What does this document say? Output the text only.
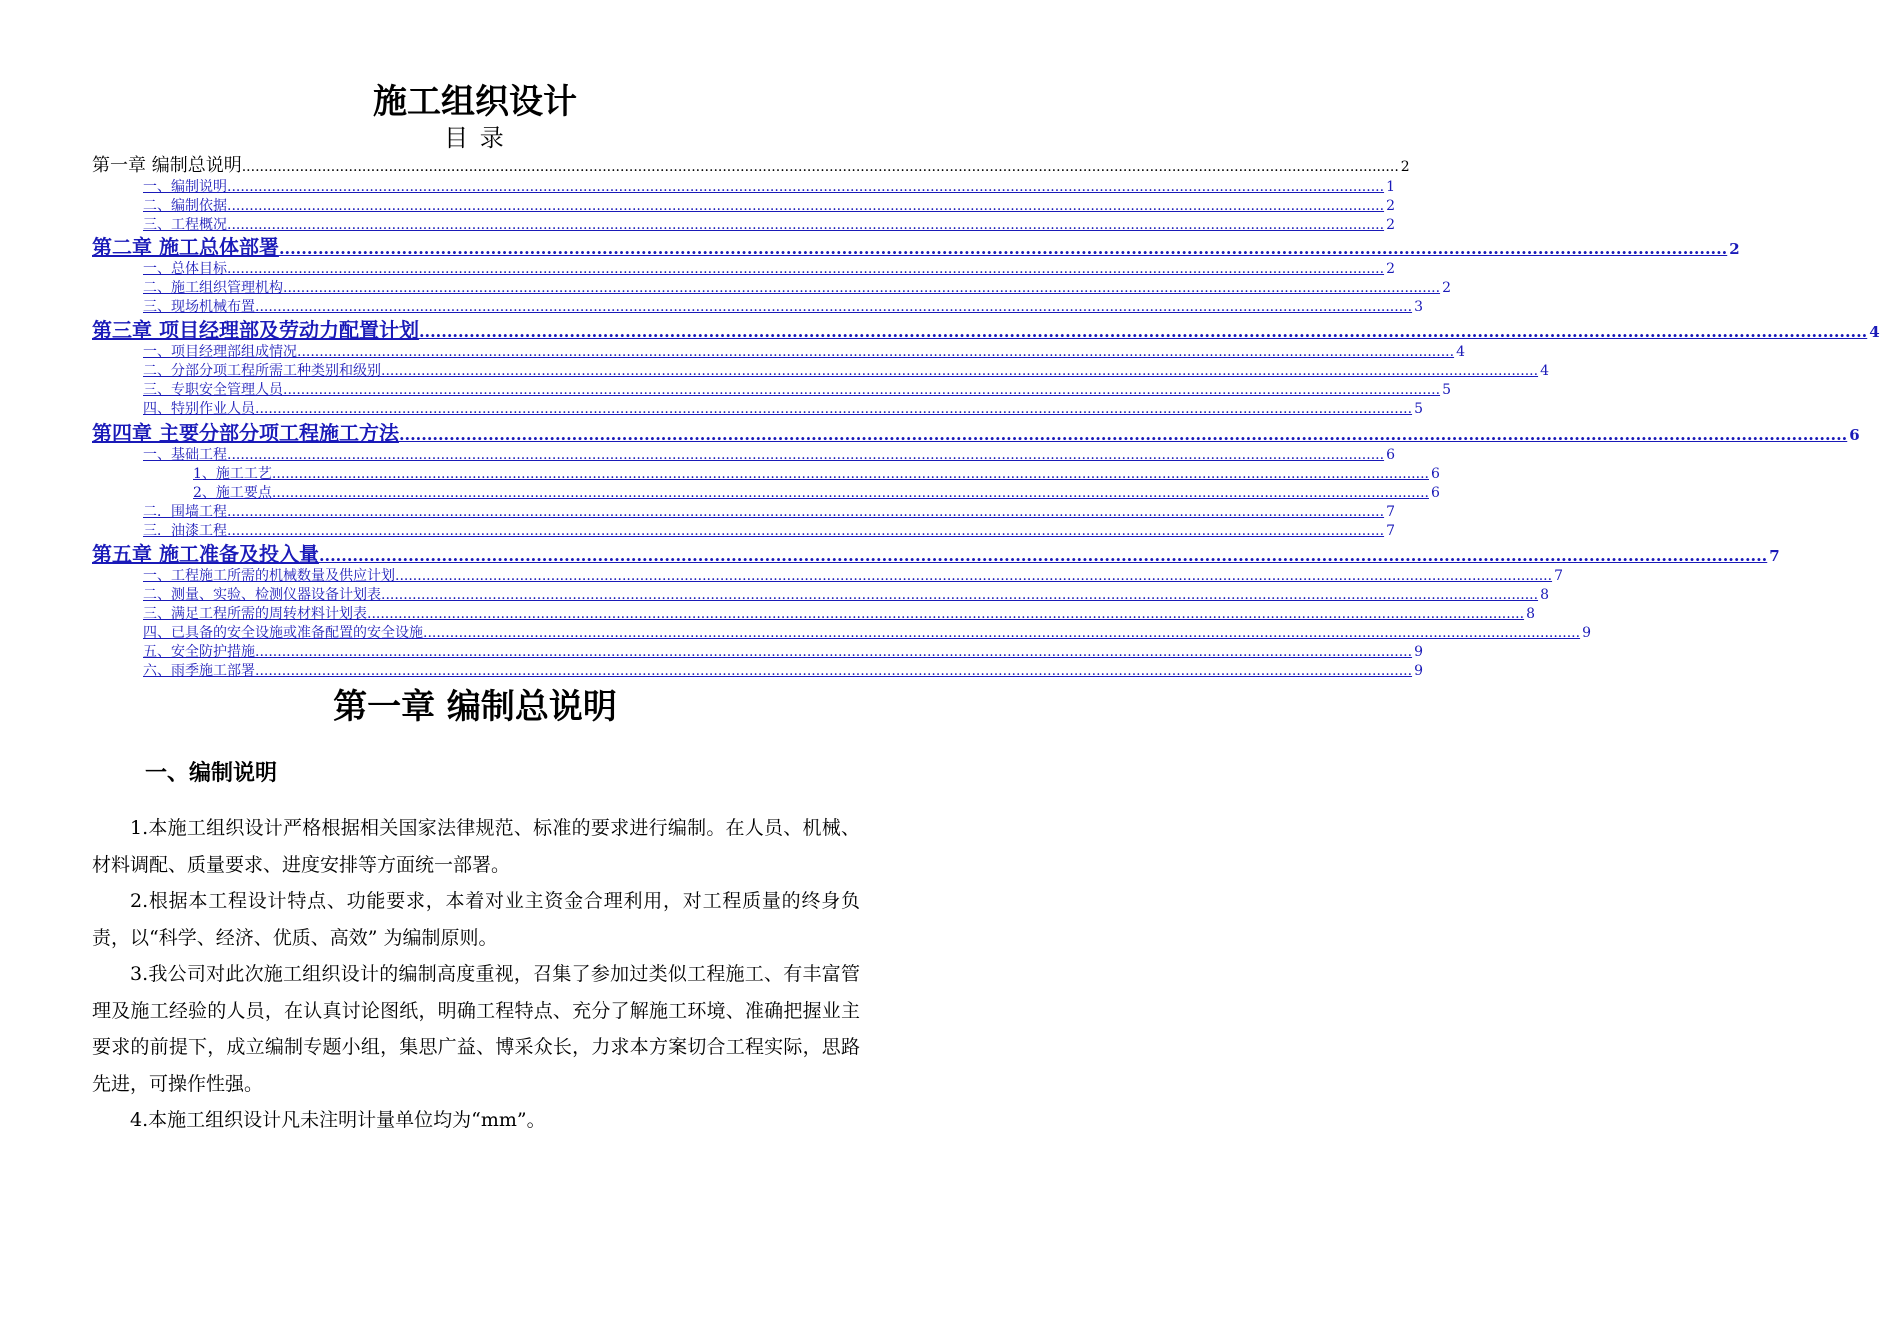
施工组织设计
目 录
第一章 编制总说明 .................................................................................................................................................................................................................................................................... 2
一、编制说明 .................................................................................................................................................................................................................................................................... 1
二、编制依据 .................................................................................................................................................................................................................................................................... 2
三、工程概况 .................................................................................................................................................................................................................................................................... 2
第二章 施工总体部署 .................................................................................................................................................................................................................................................................... 2
一、总体目标 .................................................................................................................................................................................................................................................................... 2
二、施工组织管理机构 .................................................................................................................................................................................................................................................................... 2
三、现场机械布置 .................................................................................................................................................................................................................................................................... 3
第三章 项目经理部及劳动力配置计划 .................................................................................................................................................................................................................................................................... 4
一、项目经理部组成情况 .................................................................................................................................................................................................................................................................... 4
二、分部分项工程所需工种类别和级别 .................................................................................................................................................................................................................................................................... 4
三、专职安全管理人员 .................................................................................................................................................................................................................................................................... 5
四、特别作业人员 .................................................................................................................................................................................................................................................................... 5
第四章 主要分部分项工程施工方法 .................................................................................................................................................................................................................................................................... 6
一、基础工程 .................................................................................................................................................................................................................................................................... 6
1、施工工艺 .................................................................................................................................................................................................................................................................... 6
2、施工要点 .................................................................................................................................................................................................................................................................... 6
二．围墙工程 .................................................................................................................................................................................................................................................................... 7
三．油漆工程 .................................................................................................................................................................................................................................................................... 7
第五章 施工准备及投入量 .................................................................................................................................................................................................................................................................... 7
一、工程施工所需的机械数量及供应计划 .................................................................................................................................................................................................................................................................... 7
二、测量、实验、检测仪器设备计划表 .................................................................................................................................................................................................................................................................... 8
三、满足工程所需的周转材料计划表 .................................................................................................................................................................................................................................................................... 8
四、已具备的安全设施或准备配置的安全设施 .................................................................................................................................................................................................................................................................... 9
五、安全防护措施 .................................................................................................................................................................................................................................................................... 9
六、雨季施工部署 .................................................................................................................................................................................................................................................................... 9
第一章 编制总说明
一、编制说明

1.本施工组织设计严格根据相关国家法律规范、标准的要求进行编制。在人员、机械、材料调配、质量要求、进度安排等方面统一部署。

2.根据本工程设计特点、功能要求，本着对业主资金合理利用，对工程质量的终身负责，以“科学、经济、优质、高效” 为编制原则。

3.我公司对此次施工组织设计的编制高度重视，召集了参加过类似工程施工、有丰富管理及施工经验的人员，在认真讨论图纸，明确工程特点、充分了解施工环境、准确把握业主要求的前提下，成立编制专题小组，集思广益、博采众长，力求本方案切合工程实际，思路先进，可操作性强。

4.本施工组织设计凡未注明计量单位均为“mm”。
